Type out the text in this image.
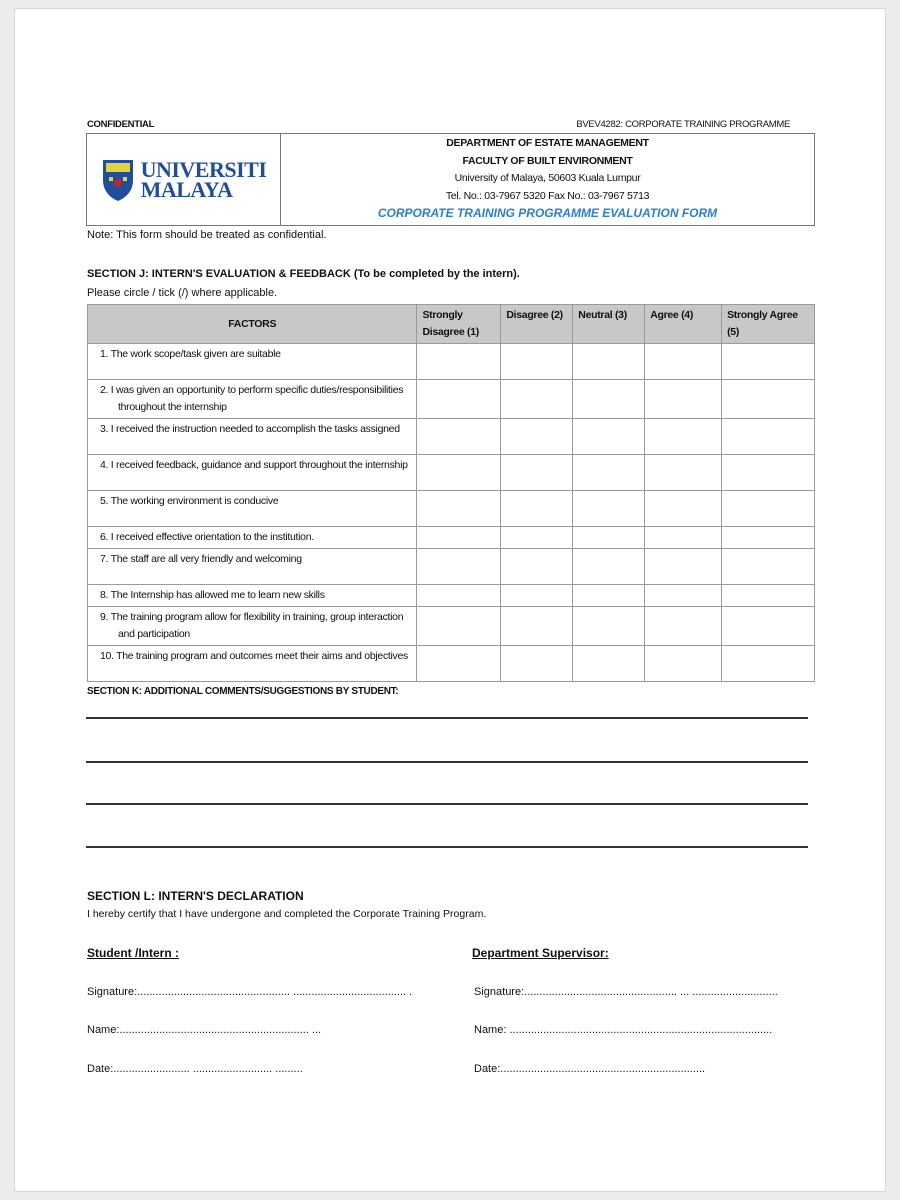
CONFIDENTIAL	BVEV4282: CORPORATE TRAINING PROGRAMME
UNIVERSITI
MALAYA
DEPARTMENT OF ESTATE MANAGEMENT
FACULTY OF BUILT ENVIRONMENT
University of Malaya, 50603 Kuala Lumpur
Tel. No.: 03-7967 5320 Fax No.: 03-7967 5713
CORPORATE TRAINING PROGRAMME EVALUATION FORM
Note: This form should be treated as confidential.
SECTION J: INTERN'S EVALUATION & FEEDBACK (To be completed by the intern).
Please circle / tick (/) where applicable.
FACTORS	Strongly Disagree (1)	Disagree (2)	Neutral (3)	Agree (4)	Strongly Agree (5)
1. The work scope/task given are suitable					
2. I was given an opportunity to perform specific duties/responsibilities throughout the internship					
3. I received the instruction needed to accomplish the tasks assigned					
4. I received feedback, guidance and support throughout the internship					
5. The working environment is conducive					
6. I received effective orientation to the institution.					
7. The staff are all very friendly and welcoming					
8. The Internship has allowed me to learn new skills					
9. The training program allow for flexibility in training, group interaction and participation					
10. The training program and outcomes meet their aims and objectives					
SECTION K: ADDITIONAL COMMENTS/SUGGESTIONS BY STUDENT:
SECTION L: INTERN'S DECLARATION
I hereby certify that I have undergone and completed the Corporate Training Program.
Student /Intern :	Department Supervisor:
Signature:.................................................. ..................................... .
Name:.............................................................. ...
Date:......................... .......................... .........
Signature:.................................................. ... ............................
Name: ......................................................................................
Date:...................................................................
